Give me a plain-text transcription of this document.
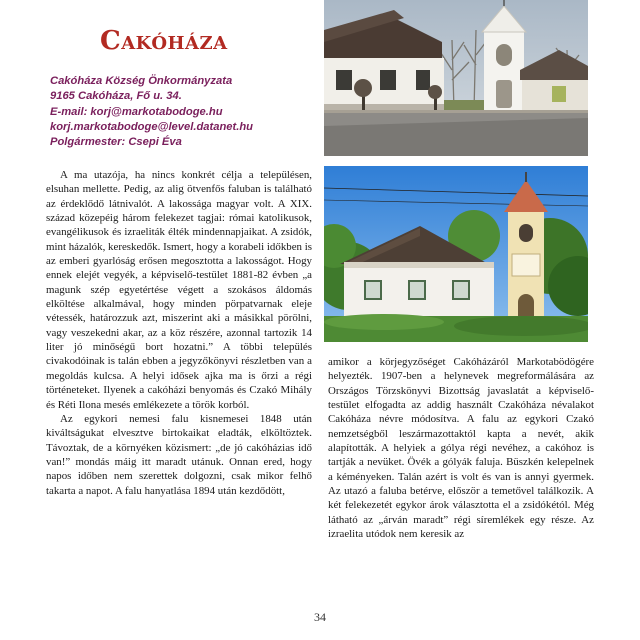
Cakóháza
Cakóháza Község Önkormányzata
9165 Cakóháza, Fő u. 34.
E-mail: korj@markotabodoge.hu
korj.markotabodoge@level.datanet.hu
Polgármester: Csepi Éva

A ma utazója, ha nincs konkrét célja a településen, elsuhan mellette. Pedig, az alig ötvenfős faluban is található az érdeklődő látnivalót. A lakossága magyar volt. A XIX. század közepéig három felekezet tagjai: római katolikusok, evangélikusok és izraeliták élték mindennapjaikat. A zsidók, mint házalók, kereskedők. Ismert, hogy a korabeli időkben is az emberi gyarlóság erősen megosztotta a lakosságot. Hogy ennek elejét vegyék, a képviselő-testület 1881-82 évben „a magunk szép egyetértése végett a szokásos áldomás elköltése alkalmával, hogy minden pörpatvarnak eleje vétessék, határozzuk azt, miszerint aki a másikkal pörölni, vagy veszekedni akar, az a köz részére, azonnal tartozik 14 liter jó minőségű bort hozatni.” A többi település civakodóinak is talán ebben a jegyzőkönyvi részletben van a megoldás kulcsa. A helyi idősek ajka ma is őrzi a régi történeteket. Ilyenek a cakóházi benyomás és Czakó Mihály és Réti Ilona mesés emlékezete a török korból.

Az egykori nemesi falu kisnemesei 1848 után kiváltságukat elvesztve birtokaikat eladták, elköltöztek. Távoztak, de a környéken közismert: „de jó cakóházias idő van!” mondás máig itt maradt utánuk. Onnan ered, hogy napos időben nem szerettek dolgozni, csak mikor felhő takarta a napot. A falu hanyatlása 1894 után kezdődött,

amikor a körjegyzőséget Cakóházáról Markotabödögére helyezték. 1907-ben a helynevek megreformálására az Országos Törzskönyvi Bizottság javaslatát a képviselő-testület elfogadta az addig használt Czakóháza névalakot Cakóháza névre módosítva. A falu az egykori Czakó nemzetségből leszármazottaktól kapta a nevét, akik alapították. A helyiek a gólya régi nevéhez, a cakóhoz is tartják a nevüket. Övék a gólyák faluja. Büszkén kelepelnek a kéményeken. Talán azért is volt és van is annyi gyermek. Az utazó a faluba betérve, először a temetővel találkozik. A két felekezetét egykor árok választotta el a zsidókétól. Még látható az „árván maradt” régi síremlékek egy része. Az izraelita utódok nem keresik az

34
